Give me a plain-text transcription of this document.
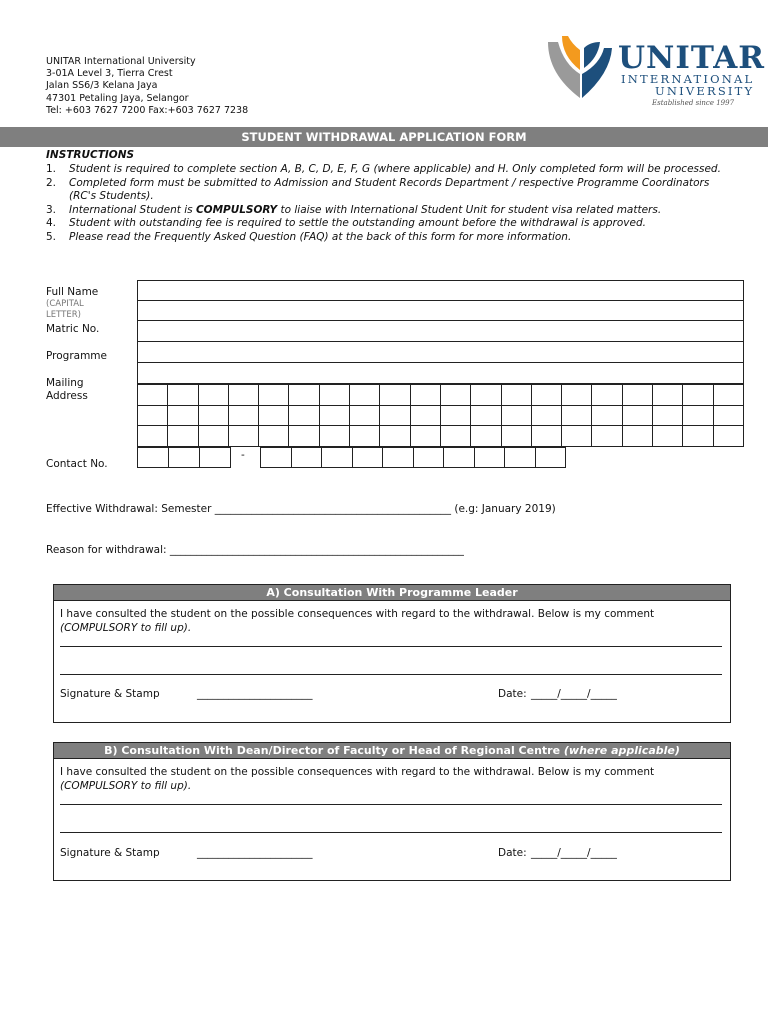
UNITAR International University
3-01A Level 3, Tierra Crest
Jalan SS6/3 Kelana Jaya
47301 Petaling Jaya, Selangor
Tel: +603 7627 7200 Fax:+603 7627 7238
UNITAR
INTERNATIONAL
UNIVERSITY
Established since 1997
STUDENT WITHDRAWAL APPLICATION FORM
INSTRUCTIONS
1.	Student is required to complete section A, B, C, D, E, F, G (where applicable) and H. Only completed form will be processed.
2.	Completed form must be submitted to Admission and Student Records Department / respective Programme Coordinators (RC's Students).
3.	International Student is COMPULSORY to liaise with International Student Unit for student visa related matters.
4.	Student with outstanding fee is required to settle the outstanding amount before the withdrawal is approved.
5.	Please read the Frequently Asked Question (FAQ) at the back of this form for more information.
Full Name
(CAPITAL LETTER)
Matric No.
Programme
Mailing
Address
Contact No.

-

Effective Withdrawal: Semester _____________________________________________ (e.g: January 2019)
Reason for withdrawal: ________________________________________________________
A) Consultation With Programme Leader
I have consulted the student on the possible consequences with regard to the withdrawal. Below is my comment
(COMPULSORY to fill up).
Signature & Stamp	______________________	Date: _____/_____/_____
B) Consultation With Dean/Director of Faculty or Head of Regional Centre (where applicable)
I have consulted the student on the possible consequences with regard to the withdrawal. Below is my comment
(COMPULSORY to fill up).
Signature & Stamp	______________________	Date: _____/_____/_____
